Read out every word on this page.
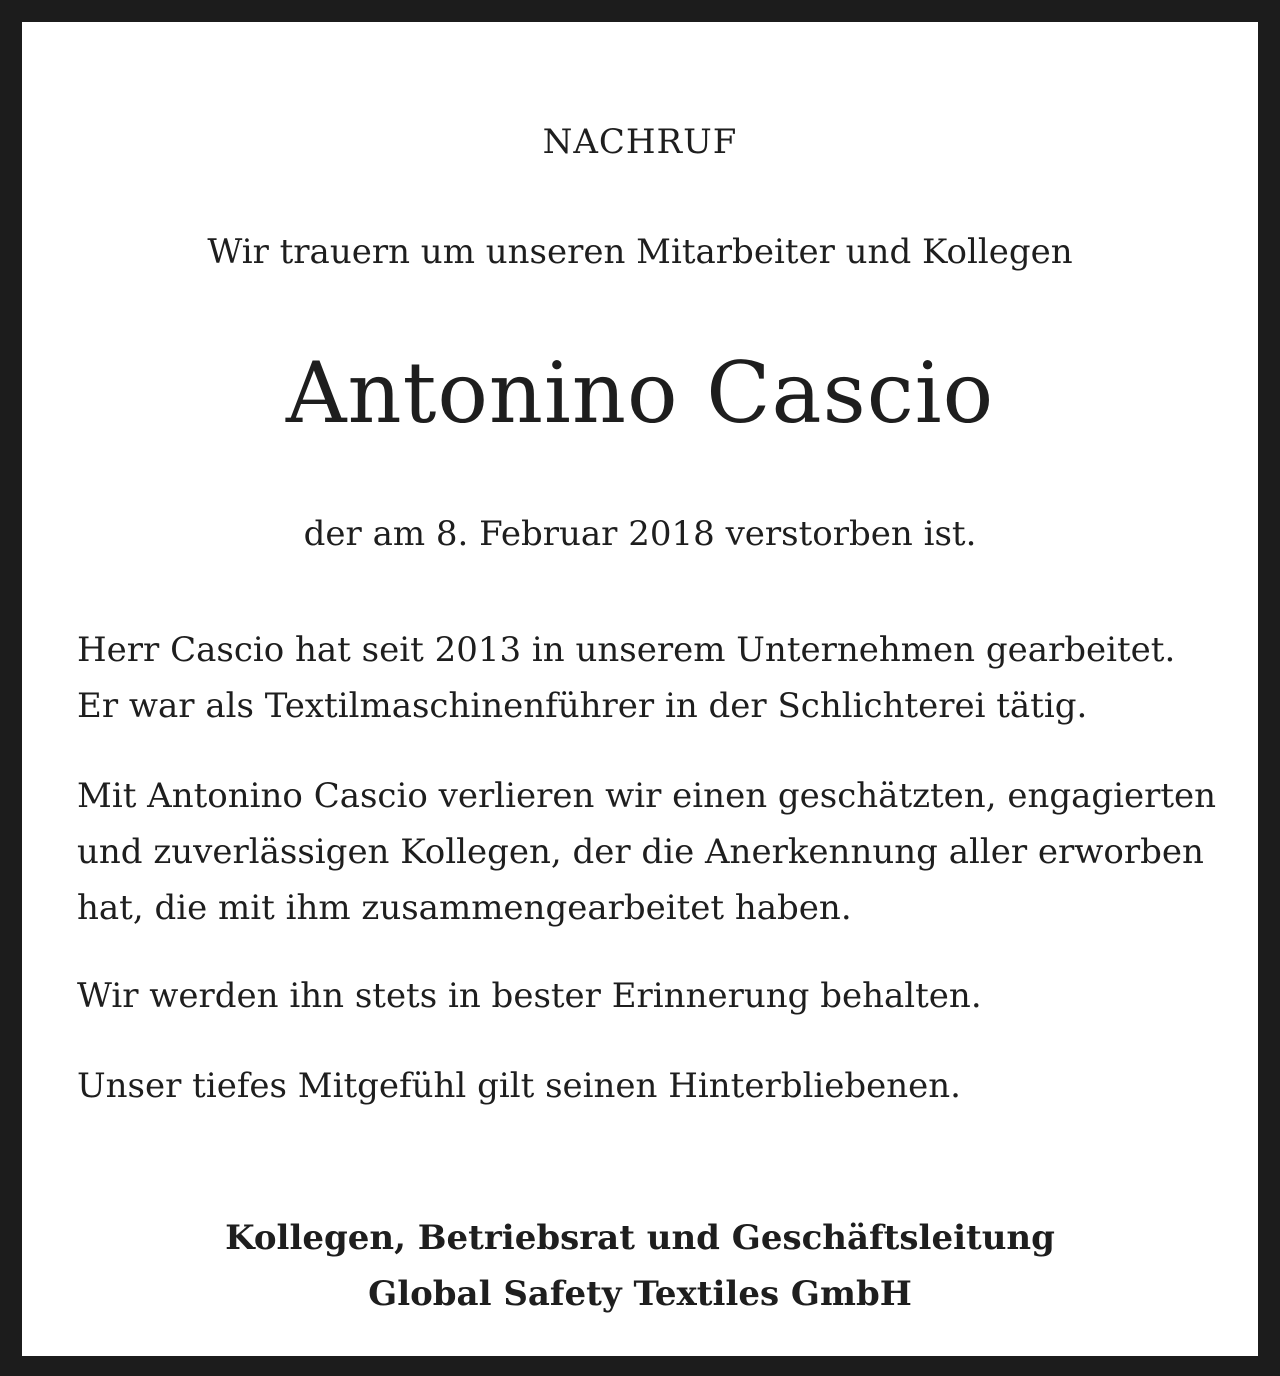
NACHRUF
Wir trauern um unseren Mitarbeiter und Kollegen
Antonino Cascio
der am 8. Februar 2018 verstorben ist.

Herr Cascio hat seit 2013 in unserem Unternehmen gearbeitet.

Er war als Textilmaschinenführer in der Schlichterei tätig.

Mit Antonino Cascio verlieren wir einen geschätzten, engagierten

und zuverlässigen Kollegen, der die Anerkennung aller erworben

hat, die mit ihm zusammengearbeitet haben.

Wir werden ihn stets in bester Erinnerung behalten.

Unser tiefes Mitgefühl gilt seinen Hinterbliebenen.

Kollegen, Betriebsrat und Geschäftsleitung
Global Safety Textiles GmbH
